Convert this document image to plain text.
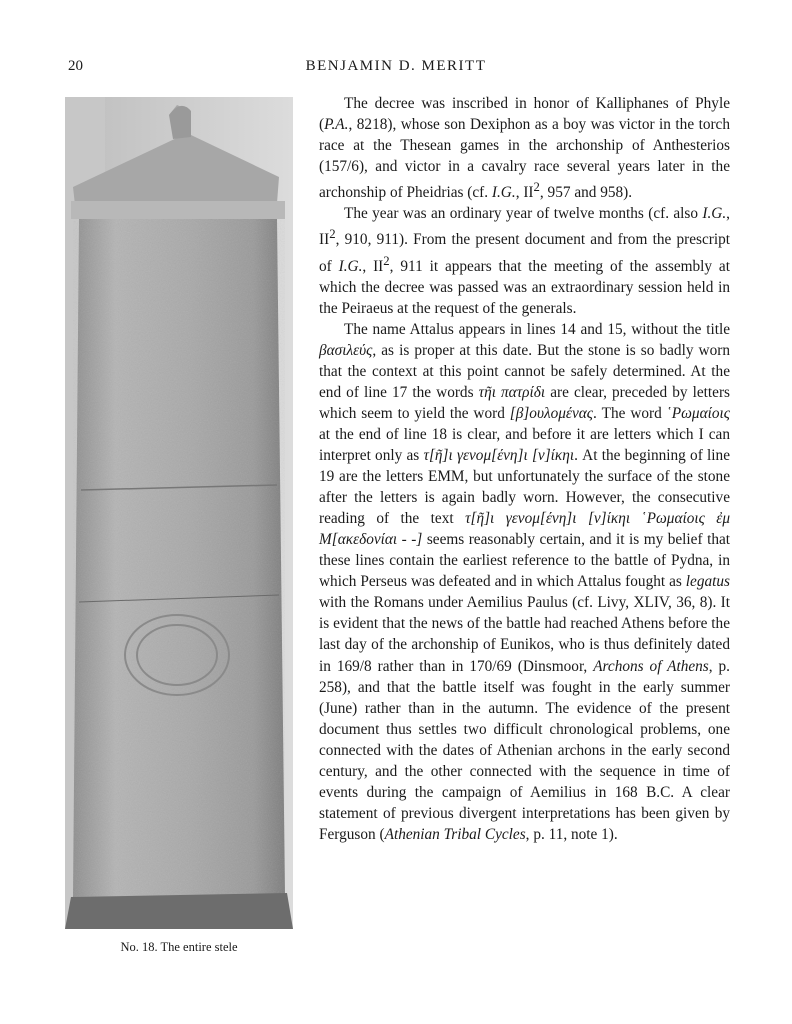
20	BENJAMIN D. MERITT
No. 18. The entire stele

The decree was inscribed in honor of Kalliphanes of Phyle (P.A., 8218), whose son Dexiphon as a boy was victor in the torch race at the Thesean games in the archonship of Anthesterios (157/6), and victor in a cavalry race several years later in the archonship of Pheidrias (cf. I.G., $II^2$, 957 and 958).

The year was an ordinary year of twelve months (cf. also I.G., $II^2$, 910, 911). From the present document and from the prescript of I.G., $II^2$, 911 it appears that the meeting of the assembly at which the decree was passed was an extraordinary session held in the Peiraeus at the request of the generals.

The name Attalus appears in lines 14 and 15, without the title βασιλεύς, as is proper at this date. But the stone is so badly worn that the context at this point cannot be safely determined. At the end of line 17 the words τῆι πατρίδι are clear, preceded by letters which seem to yield the word [β]ουλομένας. The word ῾Ρωμαίοις at the end of line 18 is clear, and before it are letters which I can interpret only as τ[ῆ]ι γενομ[ένη]ι [ν]ίκηι. At the beginning of line 19 are the letters ΕΜΜ, but unfortunately the surface of the stone after the letters is again badly worn. However, the consecutive reading of the text τ[ῆ]ι γενομ[ένη]ι [ν]ίκηι ῾Ρωμαίοις ἐμ Μ[ακεδονίαι - -] seems reasonably certain, and it is my belief that these lines contain the earliest reference to the battle of Pydna, in which Perseus was defeated and in which Attalus fought as legatus with the Romans under Aemilius Paulus (cf. Livy, XLIV, 36, 8). It is evident that the news of the battle had reached Athens before the last day of the archonship of Eunikos, who is thus definitely dated in 169/8 rather than in 170/69 (Dinsmoor, Archons of Athens, p. 258), and that the battle itself was fought in the early summer (June) rather than in the autumn. The evidence of the present document thus settles two difficult chronological problems, one connected with the dates of Athenian archons in the early second century, and the other connected with the sequence in time of events during the campaign of Aemilius in 168 B.C. A clear statement of previous divergent interpretations has been given by Ferguson (Athenian Tribal Cycles, p. 11, note 1).
